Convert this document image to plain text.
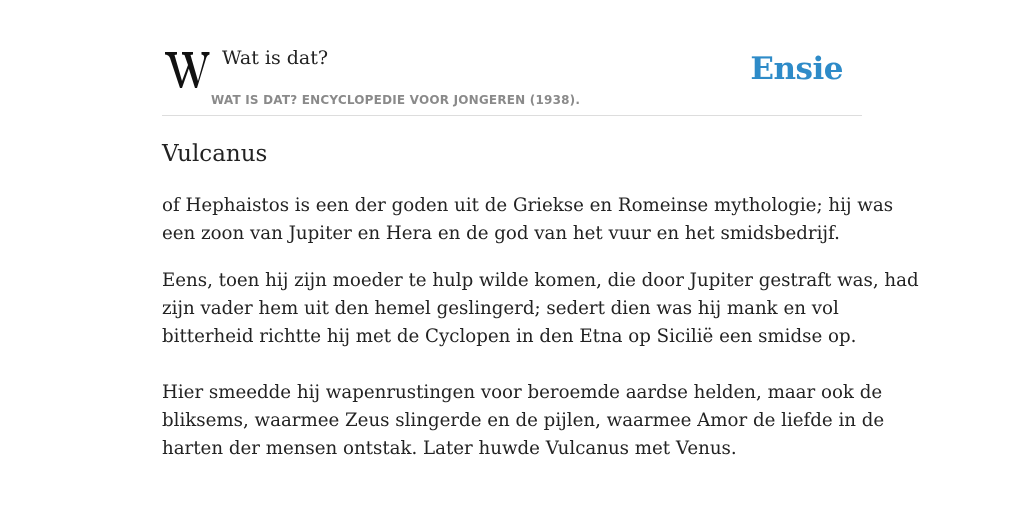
Wat is dat?
WAT IS DAT? ENCYCLOPEDIE VOOR JONGEREN (1938).
Ensie
Vulcanus

of Hephaistos is een der goden uit de Griekse en Romeinse mythologie; hij was
een zoon van Jupiter en Hera en de god van het vuur en het smidsbedrijf.

Eens, toen hij zijn moeder te hulp wilde komen, die door Jupiter gestraft was, had
zijn vader hem uit den hemel geslingerd; sedert dien was hij mank en vol
bitterheid richtte hij met de Cyclopen in den Etna op Sicilië een smidse op.

Hier smeedde hij wapenrustingen voor beroemde aardse helden, maar ook de
bliksems, waarmee Zeus slingerde en de pijlen, waarmee Amor de liefde in de
harten der mensen ontstak. Later huwde Vulcanus met Venus.
